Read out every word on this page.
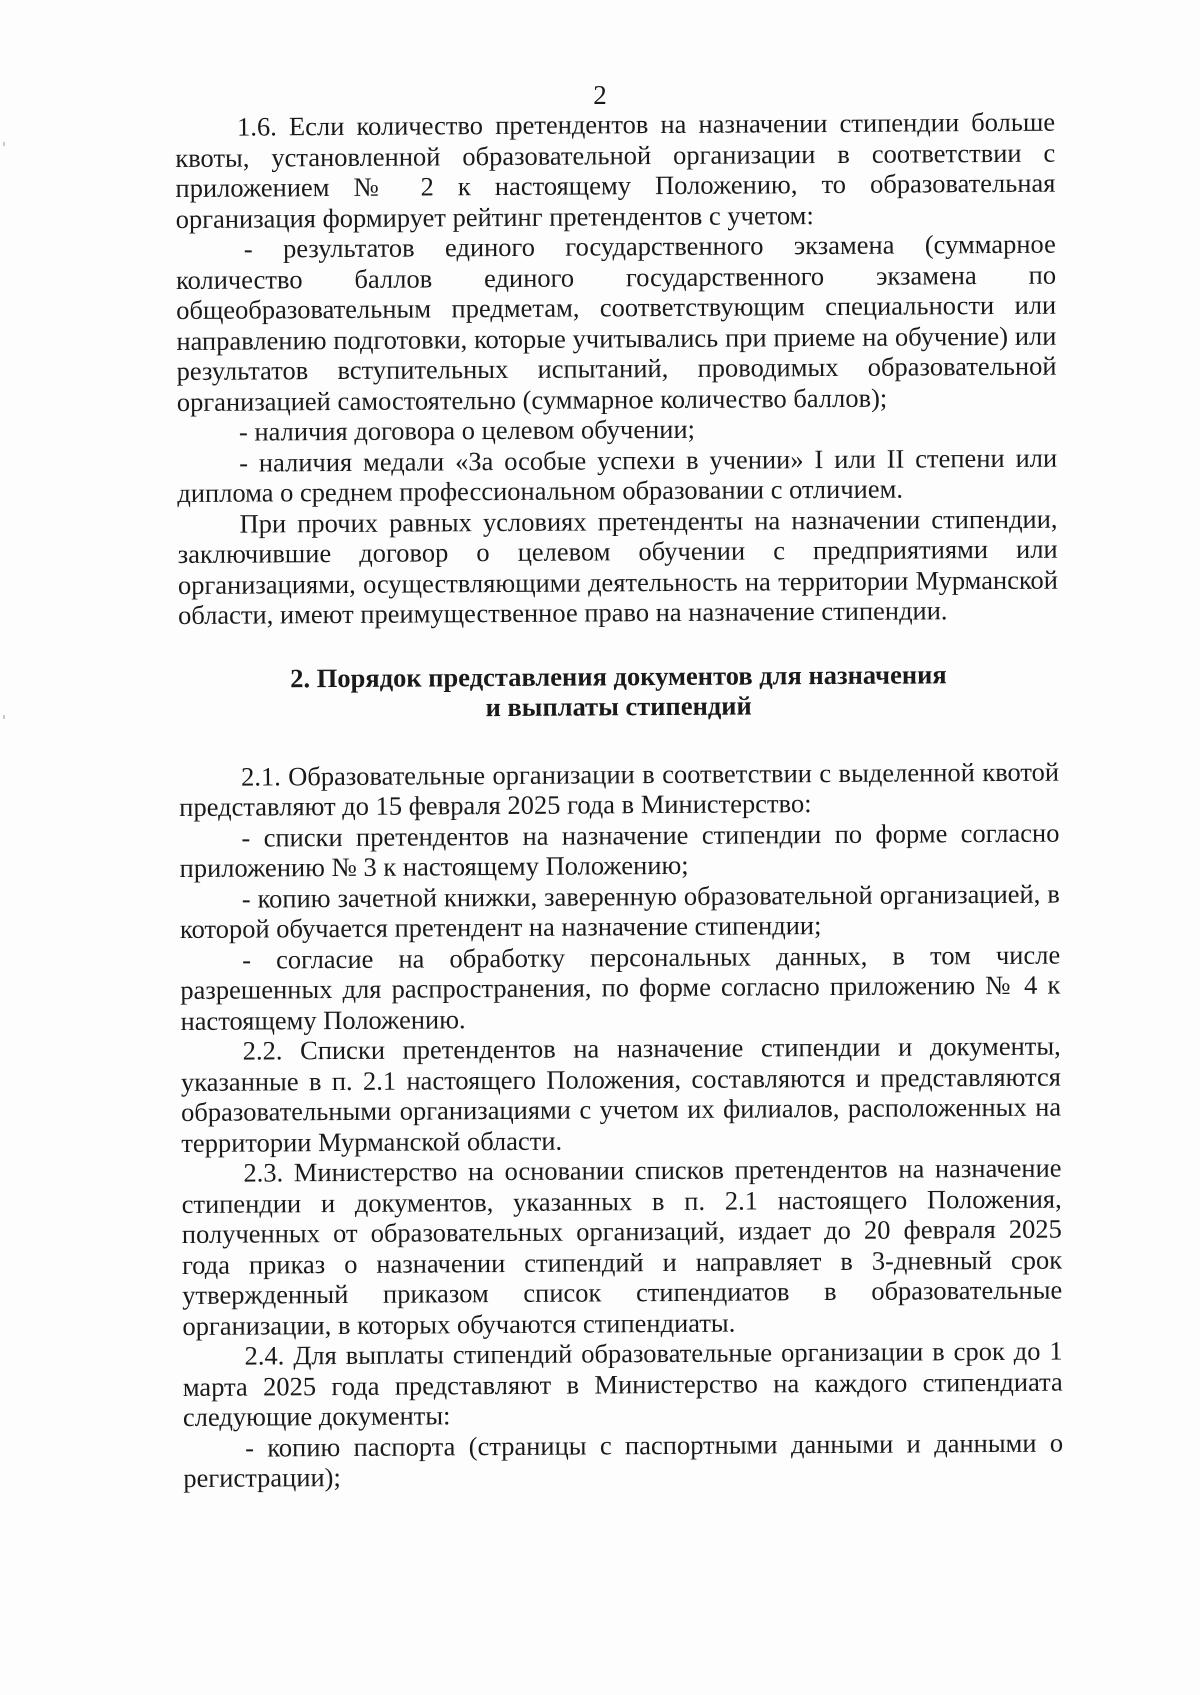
2

1.6. Если количество претендентов на назначении стипендии больше квоты, установленной образовательной организации в соответствии с приложением № 2 к настоящему Положению, то образовательная организация формирует рейтинг претендентов с учетом:

- результатов единого государственного экзамена (суммарное количество баллов единого государственного экзамена по общеобразовательным предметам, соответствующим специальности или направлению подготовки, которые учитывались при приеме на обучение) или результатов вступительных испытаний, проводимых образовательной организацией самостоятельно (суммарное количество баллов);

- наличия договора о целевом обучении;

- наличия медали «За особые успехи в учении» I или II степени или диплома о среднем профессиональном образовании с отличием.

При прочих равных условиях претенденты на назначении стипендии, заключившие договор о целевом обучении с предприятиями или организациями, осуществляющими деятельность на территории Мурманской области, имеют преимущественное право на назначение стипендии.

2. Порядок представления документов для назначения
и выплаты стипендий

2.1. Образовательные организации в соответствии с выделенной квотой представляют до 15 февраля 2025 года в Министерство:

- списки претендентов на назначение стипендии по форме согласно приложению № 3 к настоящему Положению;

- копию зачетной книжки, заверенную образовательной организацией, в которой обучается претендент на назначение стипендии;

- согласие на обработку персональных данных, в том числе разрешенных для распространения, по форме согласно приложению № 4 к настоящему Положению.

2.2. Списки претендентов на назначение стипендии и документы, указанные в п. 2.1 настоящего Положения, составляются и представляются образовательными организациями с учетом их филиалов, расположенных на территории Мурманской области.

2.3. Министерство на основании списков претендентов на назначение стипендии и документов, указанных в п. 2.1 настоящего Положения, полученных от образовательных организаций, издает до 20 февраля 2025 года приказ о назначении стипендий и направляет в 3-дневный срок утвержденный приказом список стипендиатов в образовательные организации, в которых обучаются стипендиаты.

2.4. Для выплаты стипендий образовательные организации в срок до 1 марта 2025 года представляют в Министерство на каждого стипендиата следующие документы:

- копию паспорта (страницы с паспортными данными и данными о регистрации);
